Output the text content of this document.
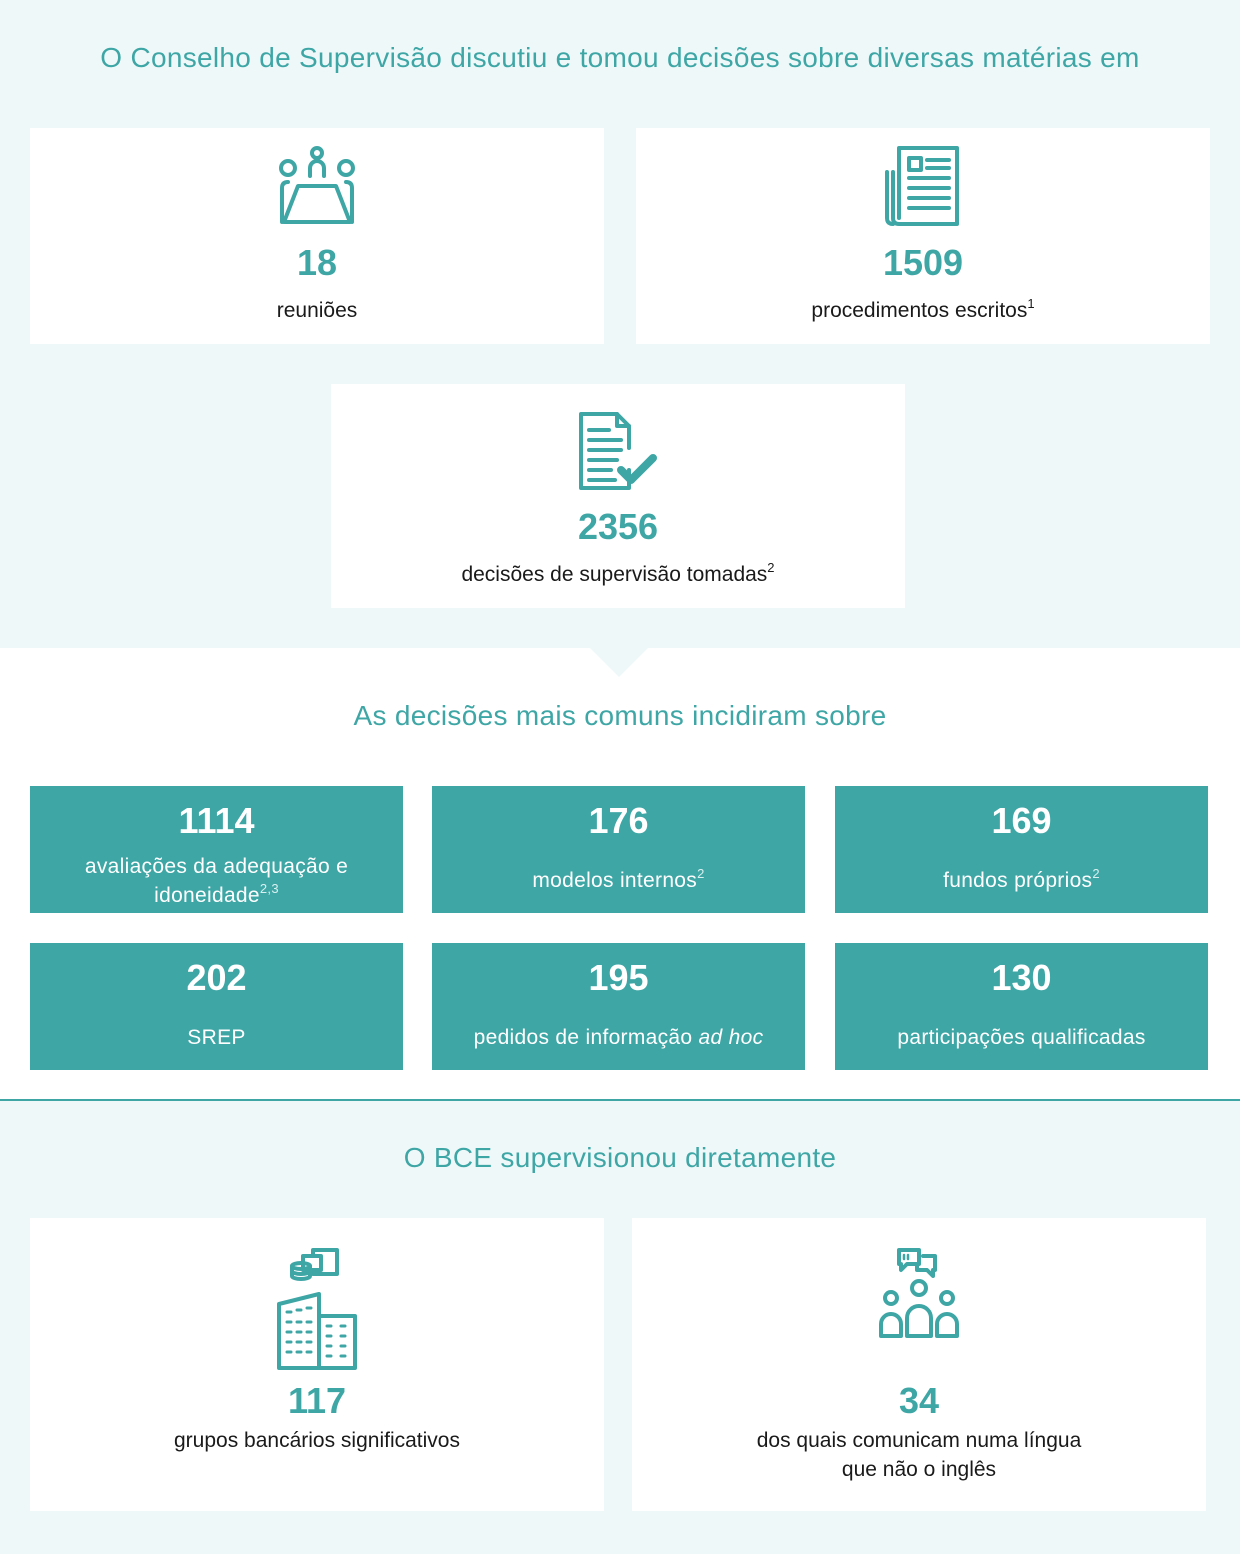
O Conselho de Supervisão discutiu e tomou decisões sobre diversas matérias em
18
reuniões
1509
procedimentos escritos$^1$
2356
decisões de supervisão tomadas$^2$
As decisões mais comuns incidiram sobre
1114
avaliações da adequação e
idoneidade$^{2,3}$
176
modelos internos$^2$
169
fundos próprios$^2$
202
SREP
195
pedidos de informação ad hoc
130
participações qualificadas
O BCE supervisionou diretamente
117
grupos bancários significativos
34
dos quais comunicam numa língua
que não o inglês
